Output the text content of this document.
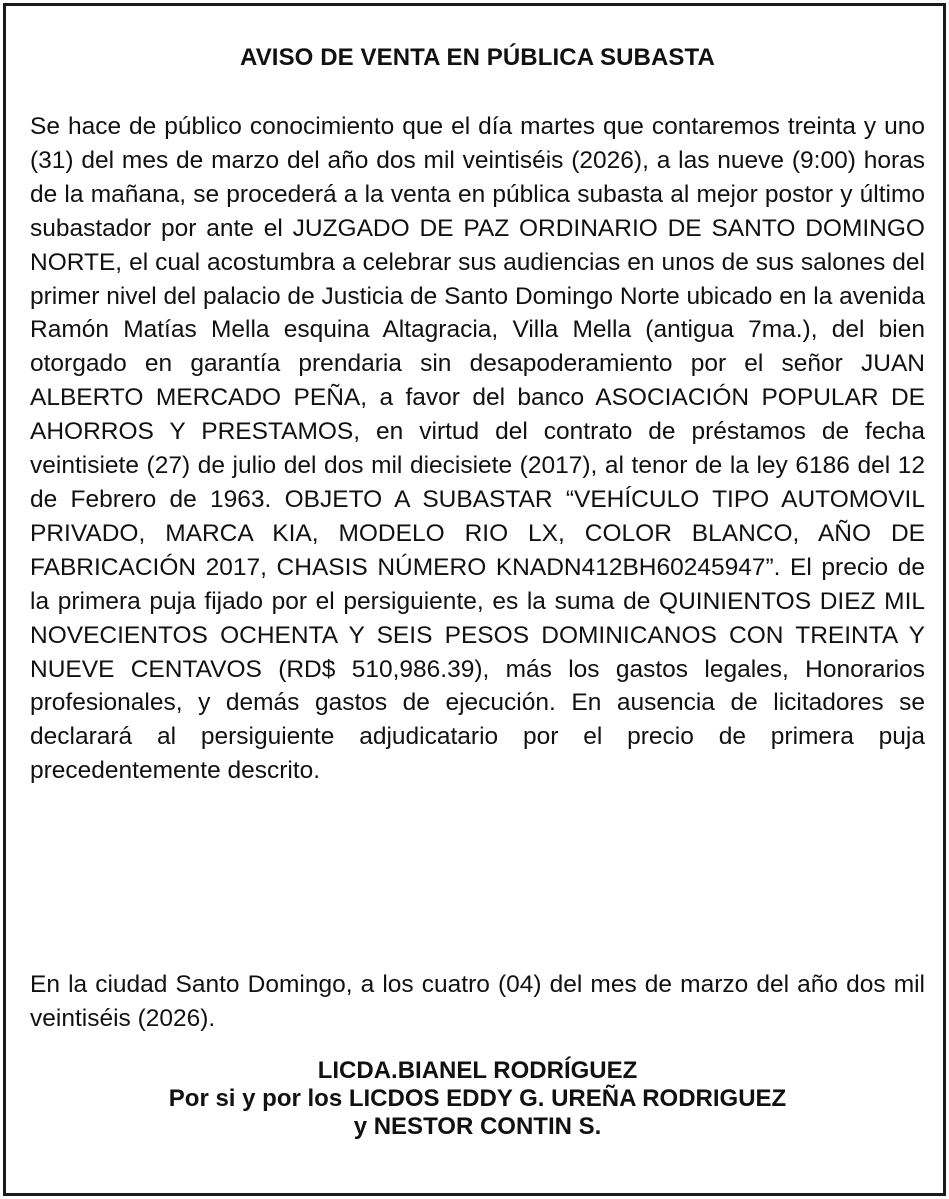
AVISO DE VENTA EN PÚBLICA SUBASTA
Se hace de público conocimiento que el día martes que contaremos treinta y uno (31) del mes de marzo del año dos mil veintiséis (2026), a las nueve (9:00) horas de la mañana, se procederá a la venta en pública subasta al mejor postor y último subastador por ante el JUZGADO DE PAZ ORDINARIO DE SANTO DOMINGO NORTE, el cual acostumbra a celebrar sus audiencias en unos de sus salones del primer nivel del palacio de Justicia de Santo Domingo Norte ubicado en la avenida Ramón Matías Mella esquina Altagracia, Villa Mella (antigua 7ma.), del bien otorgado en garantía prendaria sin desapoderamiento por el señor JUAN ALBERTO MERCADO PEÑA, a favor del banco ASOCIACIÓN POPULAR DE AHORROS Y PRESTAMOS, en virtud del contrato de préstamos de fecha veintisiete (27) de julio del dos mil diecisiete (2017), al tenor de la ley 6186 del 12 de Febrero de 1963. OBJETO A SUBASTAR “VEHÍCULO TIPO AUTOMOVIL PRIVADO, MARCA KIA, MODELO RIO LX, COLOR BLANCO, AÑO DE FABRICACIÓN 2017, CHASIS NÚMERO KNADN412BH60245947”. El precio de la primera puja fijado por el persiguiente, es la suma de QUINIENTOS DIEZ MIL NOVECIENTOS OCHENTA Y SEIS PESOS DOMINICANOS CON TREINTA Y NUEVE CENTAVOS (RD$ 510,986.39), más los gastos legales, Honorarios profesionales, y demás gastos de ejecución. En ausencia de licitadores se declarará al persiguiente adjudicatario por el precio de primera puja precedentemente descrito.
En la ciudad Santo Domingo, a los cuatro (04) del mes de marzo del año dos mil veintiséis (2026).
LICDA.BIANEL RODRÍGUEZ
Por si y por los LICDOS EDDY G. UREÑA RODRIGUEZ
y NESTOR CONTIN S.
